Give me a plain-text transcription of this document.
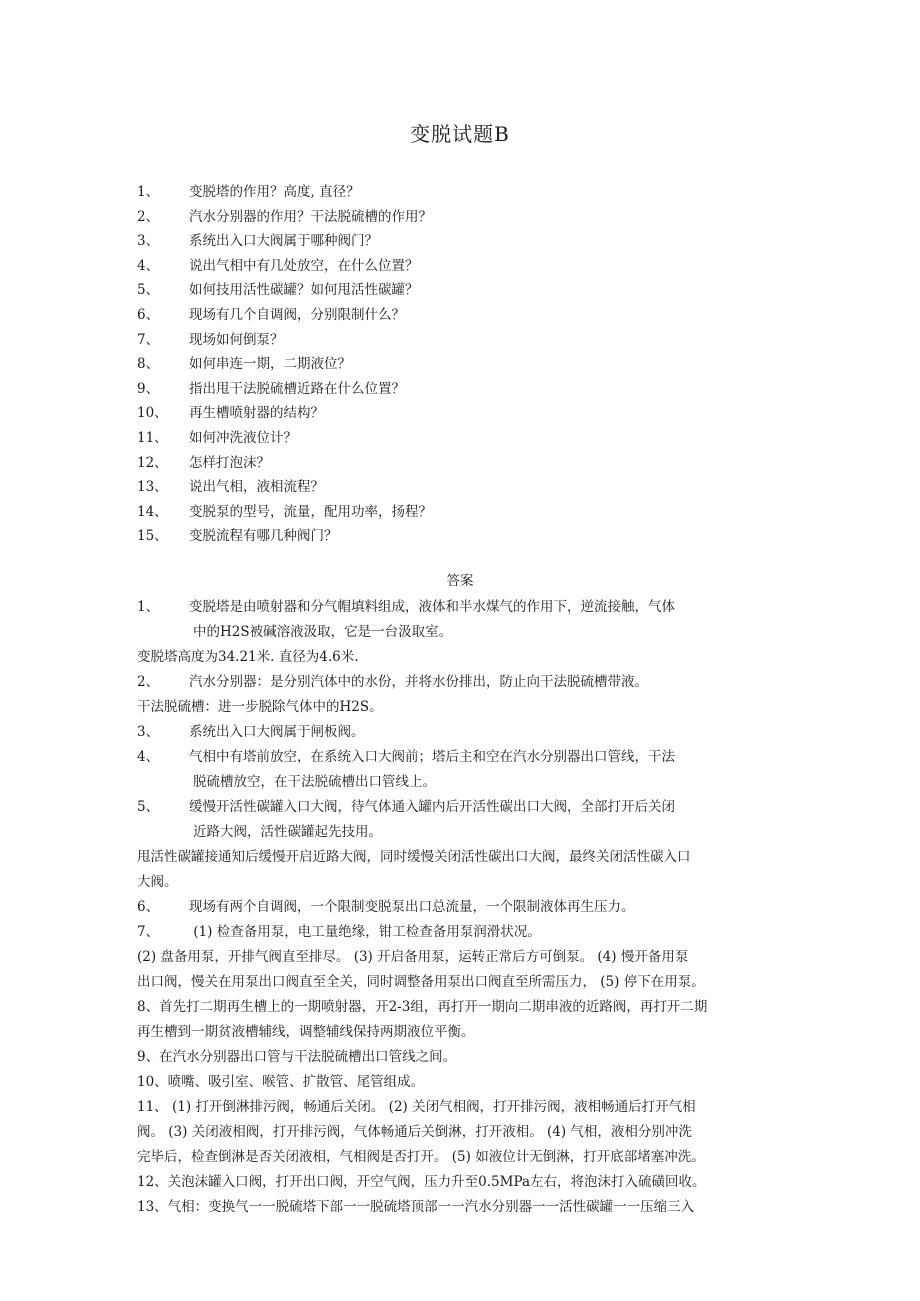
变脱试题B
1、 变脱塔的作用？高度, 直径？
2、 汽水分别器的作用？干法脱硫槽的作用？
3、 系统出入口大阀属于哪种阀门？
4、 说出气相中有几处放空，在什么位置？
5、 如何技用活性碳罐？如何甩活性碳罐？
6、 现场有几个自调阀，分别限制什么？
7、 现场如何倒泵？
8、 如何串连一期，二期液位？
9、 指出甩干法脱硫槽近路在什么位置？
10、 再生槽喷射器的结构？
11、 如何冲洗液位计？
12、 怎样打泡沫？
13、 说出气相，液相流程？
14、 变脱泵的型号，流量，配用功率，扬程？
15、 变脱流程有哪几种阀门？
答案
1、 变脱塔是由喷射器和分气帽填料组成，液体和半水煤气的作用下，逆流接触，气体
中的H2S被碱溶液汲取，它是一台汲取室。
变脱塔高度为34.21米. 直径为4.6米.
2、 汽水分别器：是分别汽体中的水份，并将水份排出，防止向干法脱硫槽带液。
干法脱硫槽：进一步脱除气体中的H2S。
3、 系统出入口大阀属于闸板阀。
4、 气相中有塔前放空，在系统入口大阀前；塔后主和空在汽水分别器出口管线，干法
脱硫槽放空，在干法脱硫槽出口管线上。
5、 缓慢开活性碳罐入口大阀，待气体通入罐内后开活性碳出口大阀，全部打开后关闭
近路大阀，活性碳罐起先技用。
甩活性碳罐接通知后缓慢开启近路大阀，同时缓慢关闭活性碳出口大阀，最终关闭活性碳入口
大阀。
6、 现场有两个自调阀，一个限制变脱泵出口总流量，一个限制液体再生压力。
7、 (1) 检查备用泵，电工量绝缘，钳工检查备用泵润滑状况。
(2) 盘备用泵，开排气阀直至排尽。 (3) 开启备用泵，运转正常后方可倒泵。 (4) 慢开备用泵
出口阀，慢关在用泵出口阀直至全关，同时调整备用泵出口阀直至所需压力， (5) 停下在用泵。
8、首先打二期再生槽上的一期喷射器，开2-3组，再打开一期向二期串液的近路阀，再打开二期
再生槽到一期贫液槽辅线，调整辅线保持两期液位平衡。
9、在汽水分别器出口管与干法脱硫槽出口管线之间。
10、喷嘴、吸引室、喉管、扩散管、尾管组成。
11、 (1) 打开倒淋排污阀，畅通后关闭。 (2) 关闭气相阀，打开排污阀，液相畅通后打开气相
阀。 (3) 关闭液相阀，打开排污阀，气体畅通后关倒淋，打开液相。 (4) 气相，液相分别冲洗
完毕后，检查倒淋是否关闭液相，气相阀是否打开。 (5) 如液位计无倒淋，打开底部堵塞冲洗。
12、关泡沫罐入口阀，打开出口阀，开空气阀，压力升至0.5MPa左右，将泡沫打入硫磺回收。
13、气相：变换气一一脱硫塔下部一一脱硫塔顶部一一汽水分别器一一活性碳罐一一压缩三入
